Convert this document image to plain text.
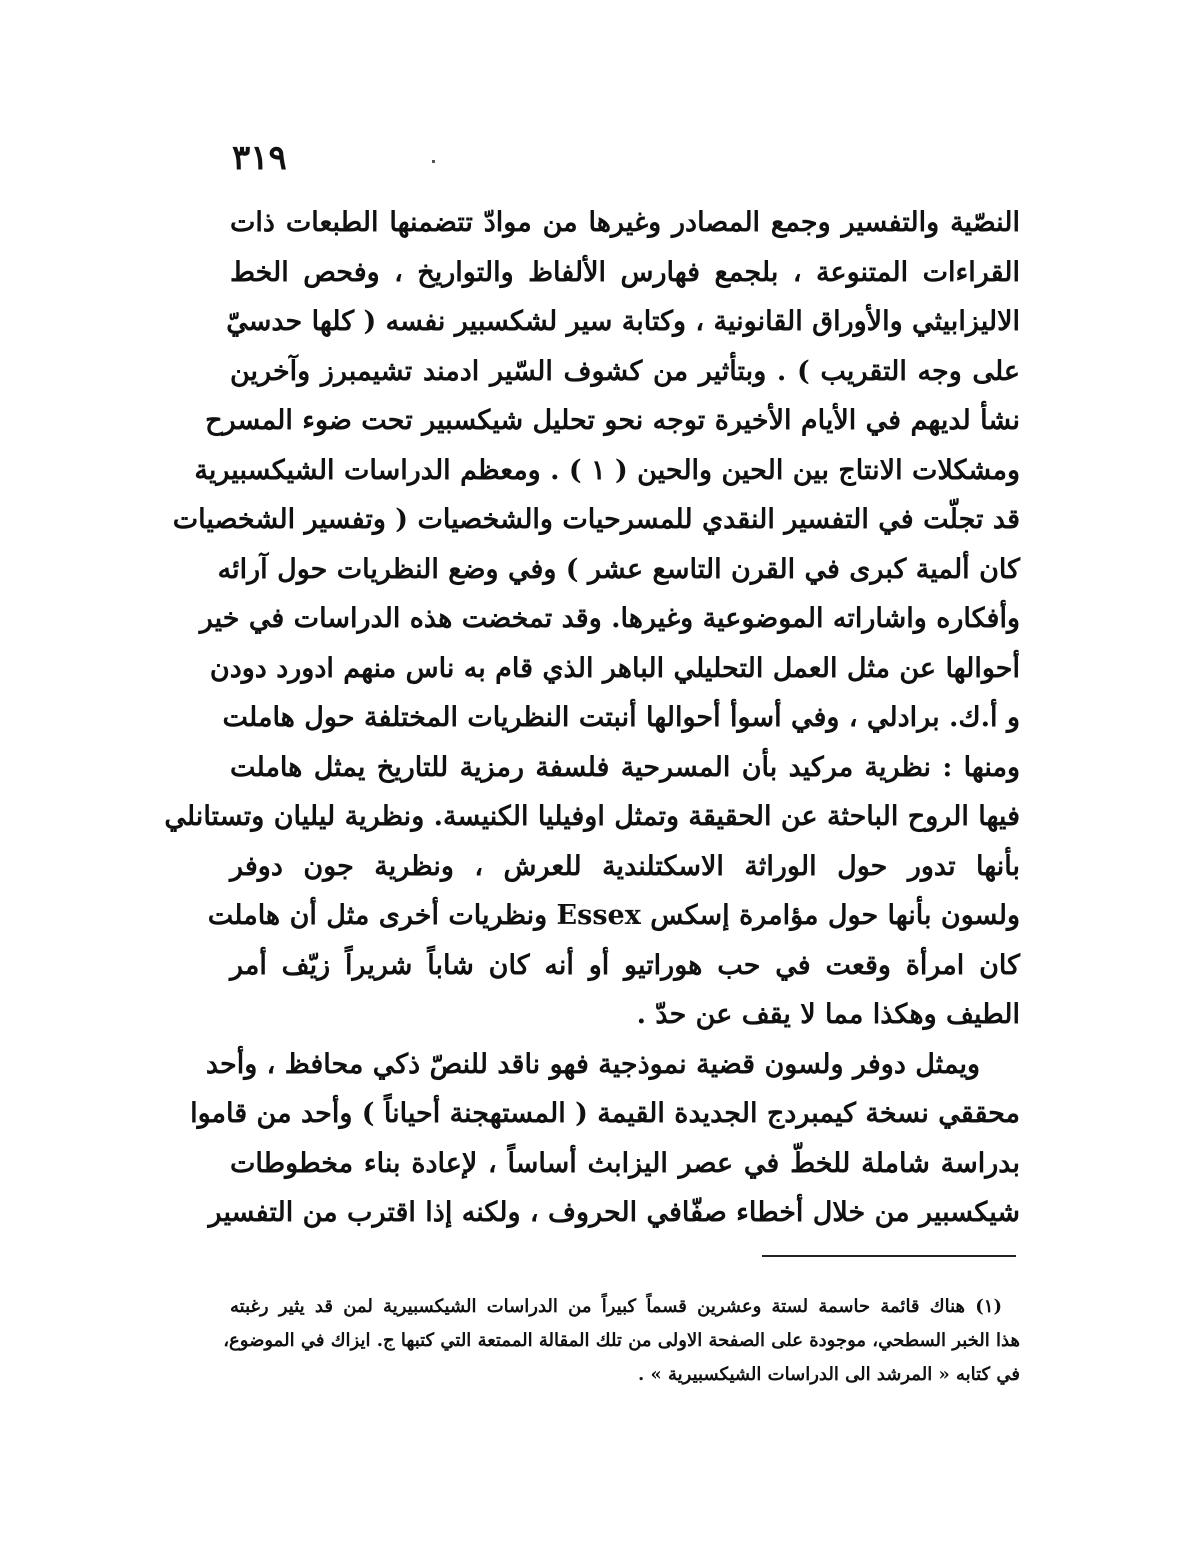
٣١٩
النصّية والتفسير وجمع المصادر وغيرها من موادّ تتضمنها الطبعات ذات
القراءات المتنوعة ، بلجمع فهارس الألفاظ والتواريخ ، وفحص الخط
الاليزابيثي والأوراق القانونية ، وكتابة سير لشكسبير نفسه ( كلها حدسيّ
على وجه التقريب ) . وبتأثير من كشوف السّير ادمند تشيمبرز وآخرين
نشأ لديهم في الأيام الأخيرة توجه نحو تحليل شيكسبير تحت ضوء المسرح
ومشكلات الانتاج بين الحين والحين ( ١ ) . ومعظم الدراسات الشيكسبيرية
قد تجلّت في التفسير النقدي للمسرحيات والشخصيات ( وتفسير الشخصيات
كان ألمية كبرى في القرن التاسع عشر ) وفي وضع النظريات حول آرائه
وأفكاره واشاراته الموضوعية وغيرها. وقد تمخضت هذه الدراسات في خير
أحوالها عن مثل العمل التحليلي الباهر الذي قام به ناس منهم ادورد دودن
و أ.ك. برادلي ، وفي أسوأ أحوالها أنبتت النظريات المختلفة حول هاملت
ومنها : نظرية مركيد بأن المسرحية فلسفة رمزية للتاريخ يمثل هاملت
فيها الروح الباحثة عن الحقيقة وتمثل اوفيليا الكنيسة. ونظرية ليليان وتستانلي
بأنها تدور حول الوراثة الاسكتلندية للعرش ، ونظرية جون دوفر
ولسون بأنها حول مؤامرة إسكس Essex ونظريات أخرى مثل أن هاملت
كان امرأة وقعت في حب هوراتيو أو أنه كان شاباً شريراً زيّف أمر
الطيف وهكذا مما لا يقف عن حدّ .
ويمثل دوفر ولسون قضية نموذجية فهو ناقد للنصّ ذكي محافظ ، وأحد
محققي نسخة كيمبردج الجديدة القيمة ( المستهجنة أحياناً ) وأحد من قاموا
بدراسة شاملة للخطّ في عصر اليزابث أساساً ، لإعادة بناء مخطوطات
شيكسبير من خلال أخطاء صفّافي الحروف ، ولكنه إذا اقترب من التفسير
(١) هناك قائمة حاسمة لستة وعشرين قسماً كبيراً من الدراسات الشيكسبيرية لمن قد يثير رغبته
هذا الخبر السطحي، موجودة على الصفحة الاولى من تلك المقالة الممتعة التي كتبها ج. ايزاك في الموضوع،
في كتابه « المرشد الى الدراسات الشيكسبيرية » .
